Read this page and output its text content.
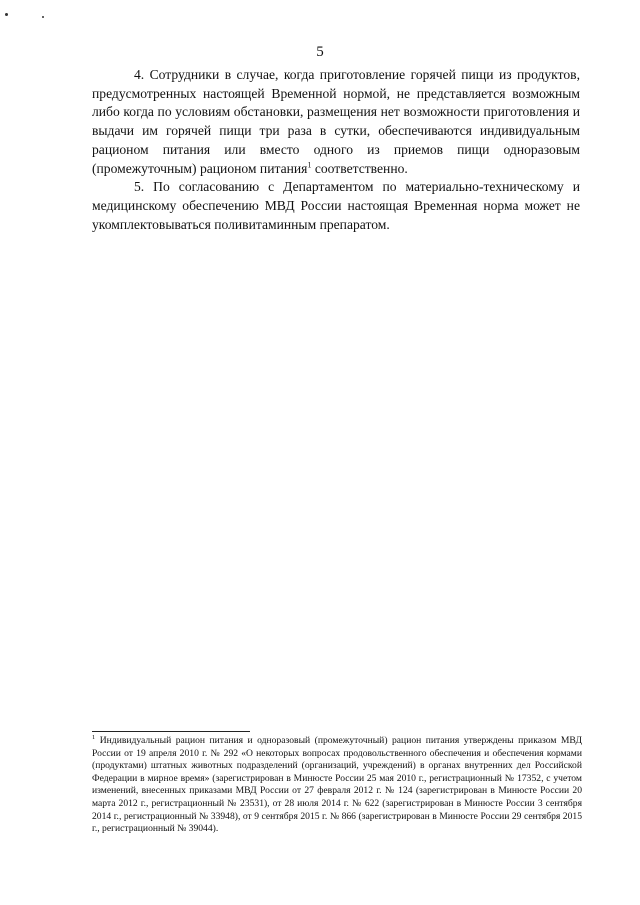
5

4. Сотрудники в случае, когда приготовление горячей пищи из продуктов, предусмотренных настоящей Временной нормой, не представляется возможным либо когда по условиям обстановки, размещения нет возможности приготовления и выдачи им горячей пищи три раза в сутки, обеспечиваются индивидуальным рационом питания или вместо одного из приемов пищи одноразовым (промежуточным) рационом питания$^1$ соответственно.

5. По согласованию с Департаментом по материально-техническому и медицинскому обеспечению МВД России настоящая Временная норма может не укомплектовываться поливитаминным препаратом.

$^1$ Индивидуальный рацион питания и одноразовый (промежуточный) рацион питания утверждены приказом МВД России от 19 апреля 2010 г. № 292 «О некоторых вопросах продовольственного обеспечения и обеспечения кормами (продуктами) штатных животных подразделений (организаций, учреждений) в органах внутренних дел Российской Федерации в мирное время» (зарегистрирован в Минюсте России 25 мая 2010 г., регистрационный № 17352, с учетом изменений, внесенных приказами МВД России от 27 февраля 2012 г. № 124 (зарегистрирован в Минюсте России 20 марта 2012 г., регистрационный № 23531), от 28 июля 2014 г. № 622 (зарегистрирован в Минюсте России 3 сентября 2014 г., регистрационный № 33948), от 9 сентября 2015 г. № 866 (зарегистрирован в Минюсте России 29 сентября 2015 г., регистрационный № 39044).
